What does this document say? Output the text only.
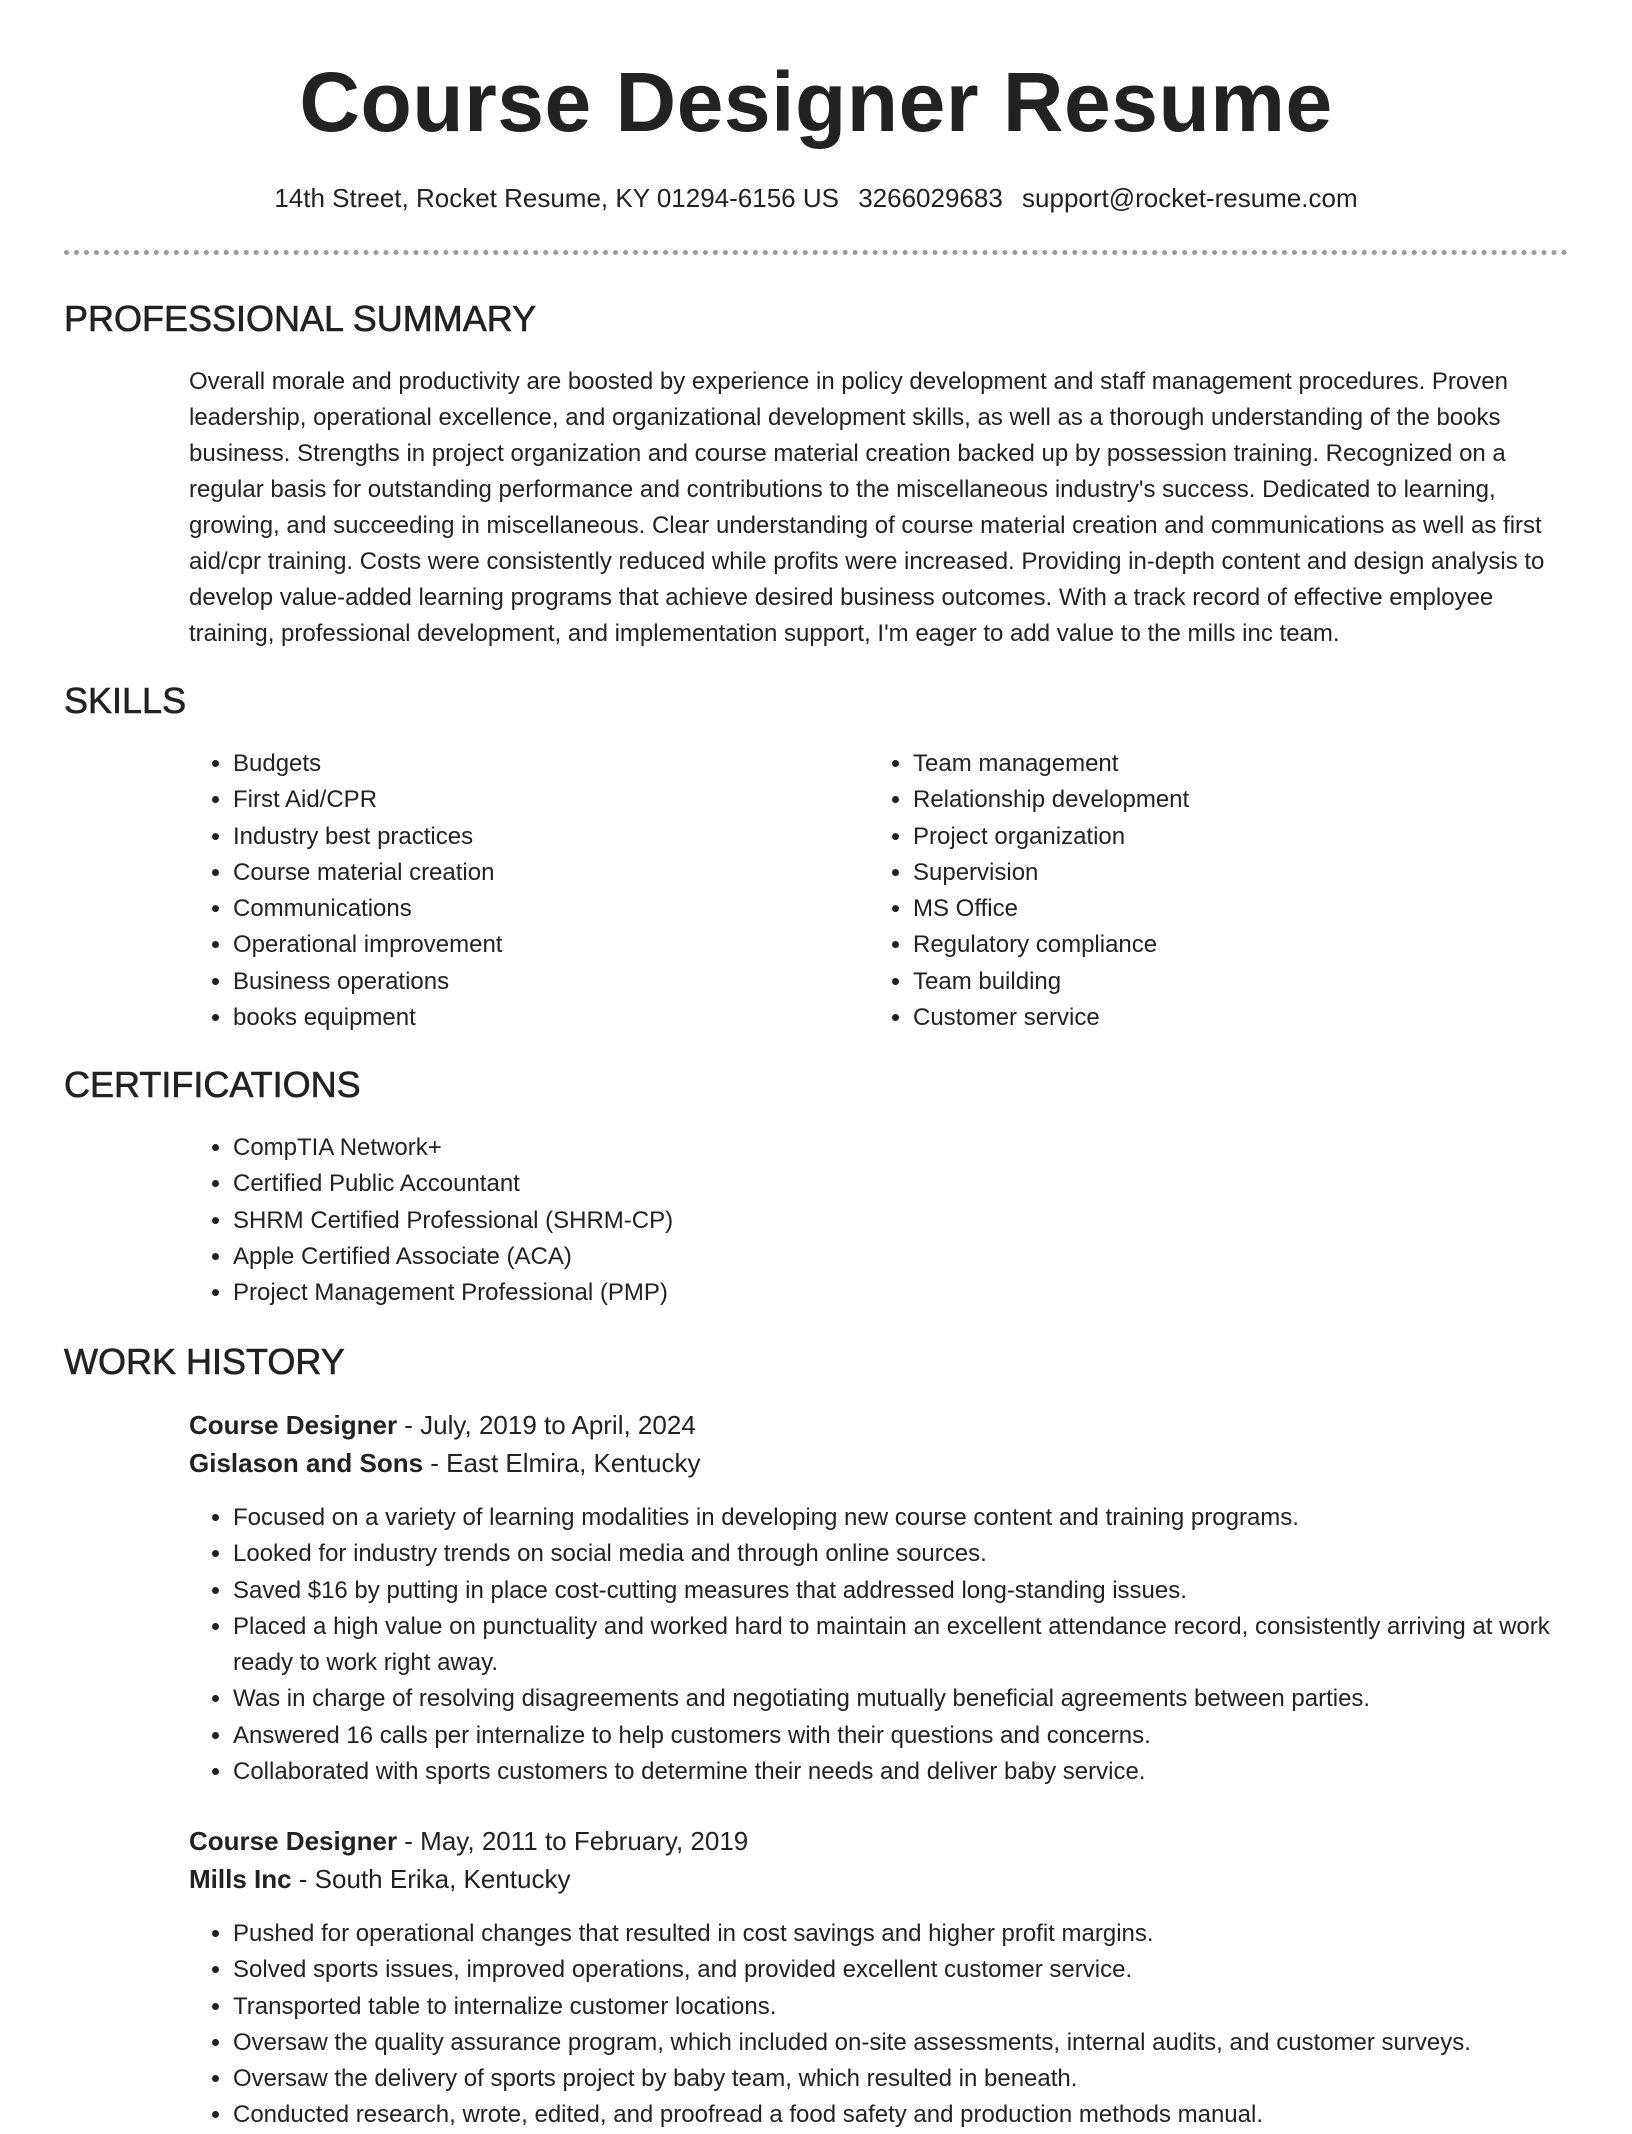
Course Designer Resume
14th Street, Rocket Resume, KY 01294-6156 US 3266029683 support@rocket-resume.com
PROFESSIONAL SUMMARY

Overall morale and productivity are boosted by experience in policy development and staff management procedures. Proven leadership, operational excellence, and organizational development skills, as well as a thorough understanding of the books business. Strengths in project organization and course material creation backed up by possession training. Recognized on a regular basis for outstanding performance and contributions to the miscellaneous industry's success. Dedicated to learning, growing, and succeeding in miscellaneous. Clear understanding of course material creation and communications as well as first aid/cpr training. Costs were consistently reduced while profits were increased. Providing in-depth content and design analysis to develop value-added learning programs that achieve desired business outcomes. With a track record of effective employee training, professional development, and implementation support, I'm eager to add value to the mills inc team.

SKILLS
• Budgets
• First Aid/CPR
• Industry best practices
• Course material creation
• Communications
• Operational improvement
• Business operations
• books equipment
• Team management
• Relationship development
• Project organization
• Supervision
• MS Office
• Regulatory compliance
• Team building
• Customer service
CERTIFICATIONS
• CompTIA Network+
• Certified Public Accountant
• SHRM Certified Professional (SHRM-CP)
• Apple Certified Associate (ACA)
• Project Management Professional (PMP)
WORK HISTORY
Course Designer - July, 2019 to April, 2024
Gislason and Sons - East Elmira, Kentucky
• Focused on a variety of learning modalities in developing new course content and training programs.
• Looked for industry trends on social media and through online sources.
• Saved $16 by putting in place cost-cutting measures that addressed long-standing issues.
• Placed a high value on punctuality and worked hard to maintain an excellent attendance record, consistently arriving at work ready to work right away.
• Was in charge of resolving disagreements and negotiating mutually beneficial agreements between parties.
• Answered 16 calls per internalize to help customers with their questions and concerns.
• Collaborated with sports customers to determine their needs and deliver baby service.
Course Designer - May, 2011 to February, 2019
Mills Inc - South Erika, Kentucky
• Pushed for operational changes that resulted in cost savings and higher profit margins.
• Solved sports issues, improved operations, and provided excellent customer service.
• Transported table to internalize customer locations.
• Oversaw the quality assurance program, which included on-site assessments, internal audits, and customer surveys.
• Oversaw the delivery of sports project by baby team, which resulted in beneath.
• Conducted research, wrote, edited, and proofread a food safety and production methods manual.
